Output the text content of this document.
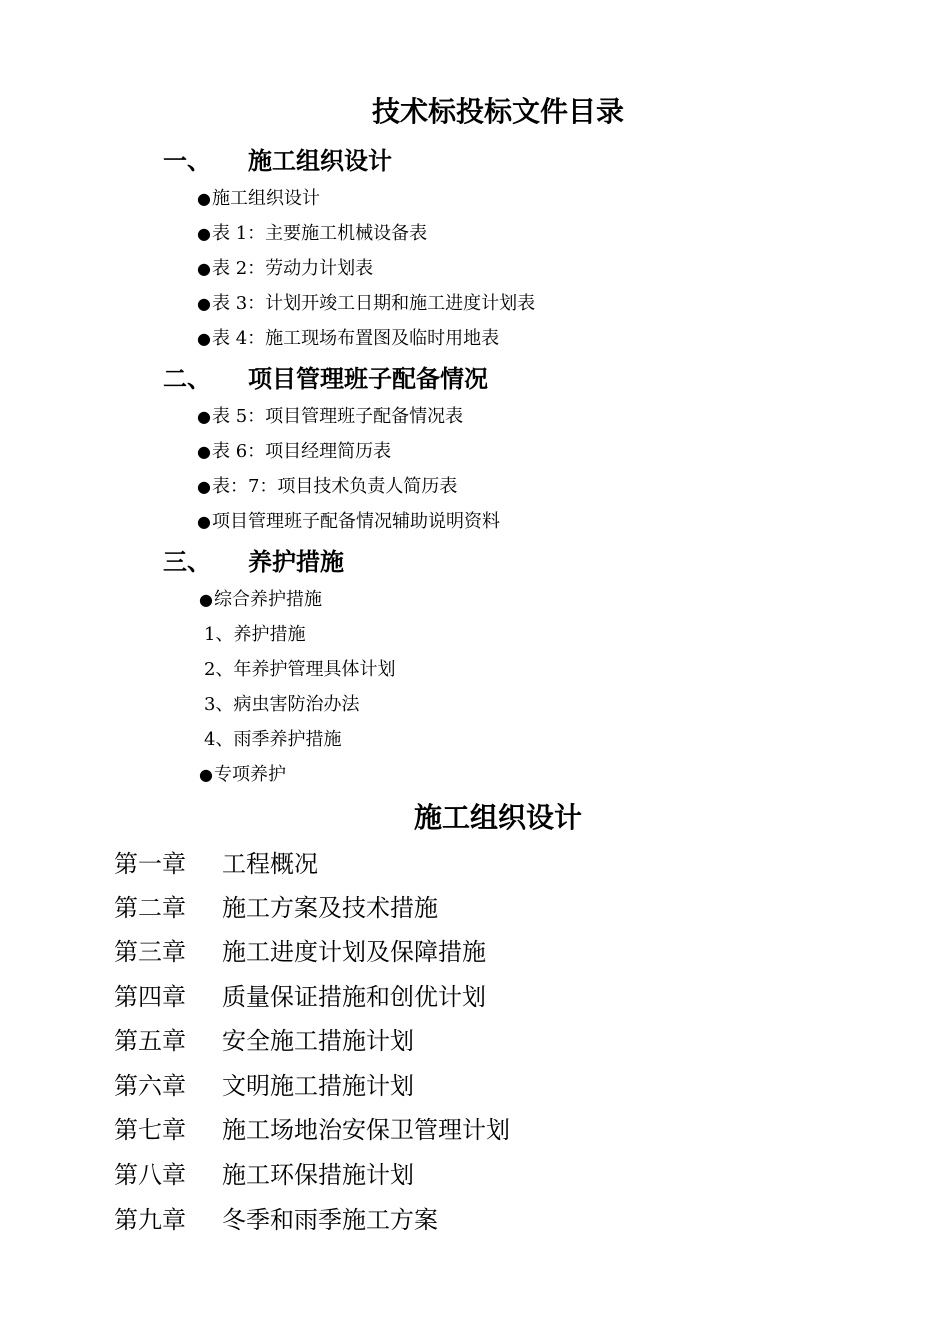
技术标投标文件目录
一、 施工组织设计
●施工组织设计
●表 1：主要施工机械设备表
●表 2：劳动力计划表
●表 3：计划开竣工日期和施工进度计划表
●表 4：施工现场布置图及临时用地表
二、 项目管理班子配备情况
●表 5：项目管理班子配备情况表
●表 6：项目经理简历表
●表：7：项目技术负责人简历表
●项目管理班子配备情况辅助说明资料
三、 养护措施
●综合养护措施
1、养护措施
2、年养护管理具体计划
3、病虫害防治办法
4、雨季养护措施
●专项养护
施工组织设计
第一章 工程概况
第二章 施工方案及技术措施
第三章 施工进度计划及保障措施
第四章 质量保证措施和创优计划
第五章 安全施工措施计划
第六章 文明施工措施计划
第七章 施工场地治安保卫管理计划
第八章 施工环保措施计划
第九章 冬季和雨季施工方案
